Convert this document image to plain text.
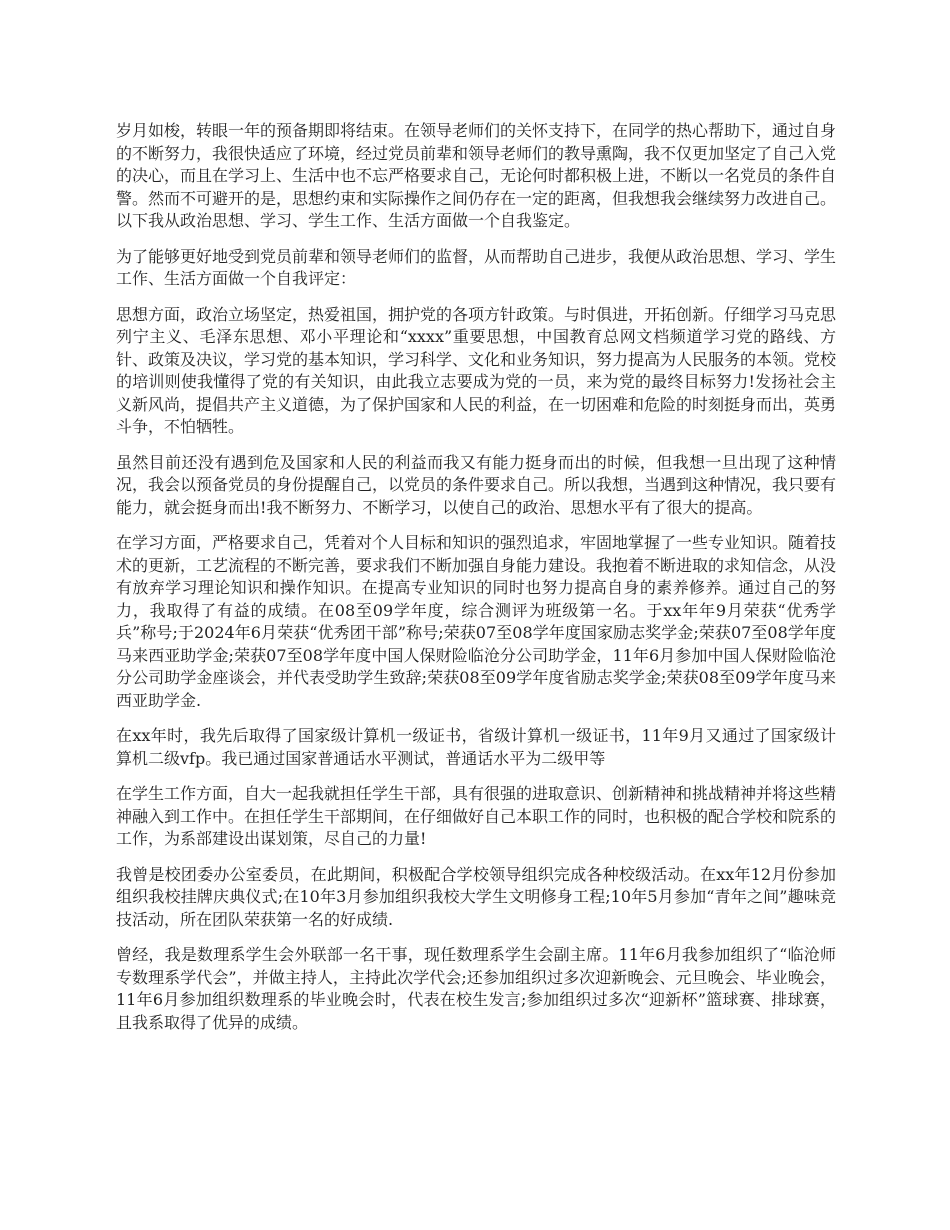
岁月如梭，转眼一年的预备期即将结束。在领导老师们的关怀支持下，在同学的热心帮助下，通过自身的不断努力，我很快适应了环境，经过党员前辈和领导老师们的教导熏陶，我不仅更加坚定了自己入党的决心，而且在学习上、生活中也不忘严格要求自己，无论何时都积极上进，不断以一名党员的条件自警。然而不可避开的是，思想约束和实际操作之间仍存在一定的距离，但我想我会继续努力改进自己。以下我从政治思想、学习、学生工作、生活方面做一个自我鉴定。

为了能够更好地受到党员前辈和领导老师们的监督，从而帮助自己进步，我便从政治思想、学习、学生工作、生活方面做一个自我评定：

思想方面，政治立场坚定，热爱祖国，拥护党的各项方针政策。与时俱进，开拓创新。仔细学习马克思列宁主义、毛泽东思想、邓小平理论和“xxxx”重要思想，中国教育总网文档频道学习党的路线、方针、政策及决议，学习党的基本知识，学习科学、文化和业务知识，努力提高为人民服务的本领。党校的培训则使我懂得了党的有关知识，由此我立志要成为党的一员，来为党的最终目标努力!发扬社会主义新风尚，提倡共产主义道德，为了保护国家和人民的利益，在一切困难和危险的时刻挺身而出，英勇斗争，不怕牺牲。

虽然目前还没有遇到危及国家和人民的利益而我又有能力挺身而出的时候，但我想一旦出现了这种情况，我会以预备党员的身份提醒自己，以党员的条件要求自己。所以我想，当遇到这种情况，我只要有能力，就会挺身而出!我不断努力、不断学习，以使自己的政治、思想水平有了很大的提高。

在学习方面，严格要求自己，凭着对个人目标和知识的强烈追求，牢固地掌握了一些专业知识。随着技术的更新，工艺流程的不断完善，要求我们不断加强自身能力建设。我抱着不断进取的求知信念，从没有放弃学习理论知识和操作知识。在提高专业知识的同时也努力提高自身的素养修养。通过自己的努力，我取得了有益的成绩。在08至09学年度，综合测评为班级第一名。于xx年年9月荣获“优秀学兵”称号;于2024年6月荣获“优秀团干部”称号;荣获07至08学年度国家励志奖学金;荣获07至08学年度马来西亚助学金;荣获07至08学年度中国人保财险临沧分公司助学金，11年6月参加中国人保财险临沧分公司助学金座谈会，并代表受助学生致辞;荣获08至09学年度省励志奖学金;荣获08至09学年度马来西亚助学金.

在xx年时，我先后取得了国家级计算机一级证书，省级计算机一级证书，11年9月又通过了国家级计算机二级vfp。我已通过国家普通话水平测试，普通话水平为二级甲等

在学生工作方面，自大一起我就担任学生干部，具有很强的进取意识、创新精神和挑战精神并将这些精神融入到工作中。在担任学生干部期间，在仔细做好自己本职工作的同时，也积极的配合学校和院系的工作，为系部建设出谋划策，尽自己的力量!

我曾是校团委办公室委员，在此期间，积极配合学校领导组织完成各种校级活动。在xx年12月份参加组织我校挂牌庆典仪式;在10年3月参加组织我校大学生文明修身工程;10年5月参加“青年之间”趣味竞技活动，所在团队荣获第一名的好成绩.

曾经，我是数理系学生会外联部一名干事，现任数理系学生会副主席。11年6月我参加组织了“临沧师专数理系学代会”，并做主持人，主持此次学代会;还参加组织过多次迎新晚会、元旦晚会、毕业晚会，11年6月参加组织数理系的毕业晚会时，代表在校生发言;参加组织过多次“迎新杯”篮球赛、排球赛，且我系取得了优异的成绩。
